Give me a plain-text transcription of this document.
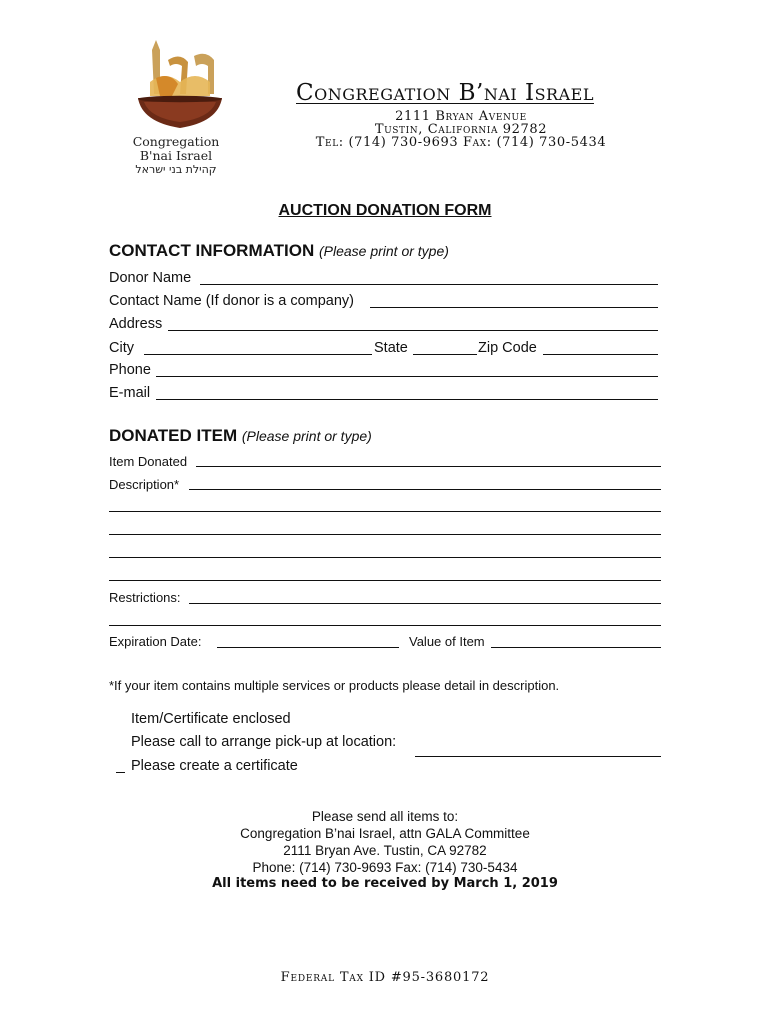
Congregation
B'nai Israel
קהילת בני ישראל
Congregation B’nai Israel
2111 Bryan Avenue
Tustin, California 92782
Tel: (714) 730-9693 Fax: (714) 730-5434
AUCTION DONATION FORM
CONTACT INFORMATION (Please print or type)
Donor Name
Contact Name (If donor is a company)
Address
City	State	Zip Code
Phone
E-mail
DONATED ITEM (Please print or type)
Item Donated
Description*
Restrictions:
Expiration Date:	Value of Item
*If your item contains multiple services or products please detail in description.
Item/Certificate enclosed
Please call to arrange pick-up at location:
Please create a certificate
Please send all items to:
Congregation B’nai Israel, attn GALA Committee
2111 Bryan Ave. Tustin, CA 92782
Phone: (714) 730-9693 Fax: (714) 730-5434
All items need to be received by March 1, 2019
Federal Tax ID #95-3680172
